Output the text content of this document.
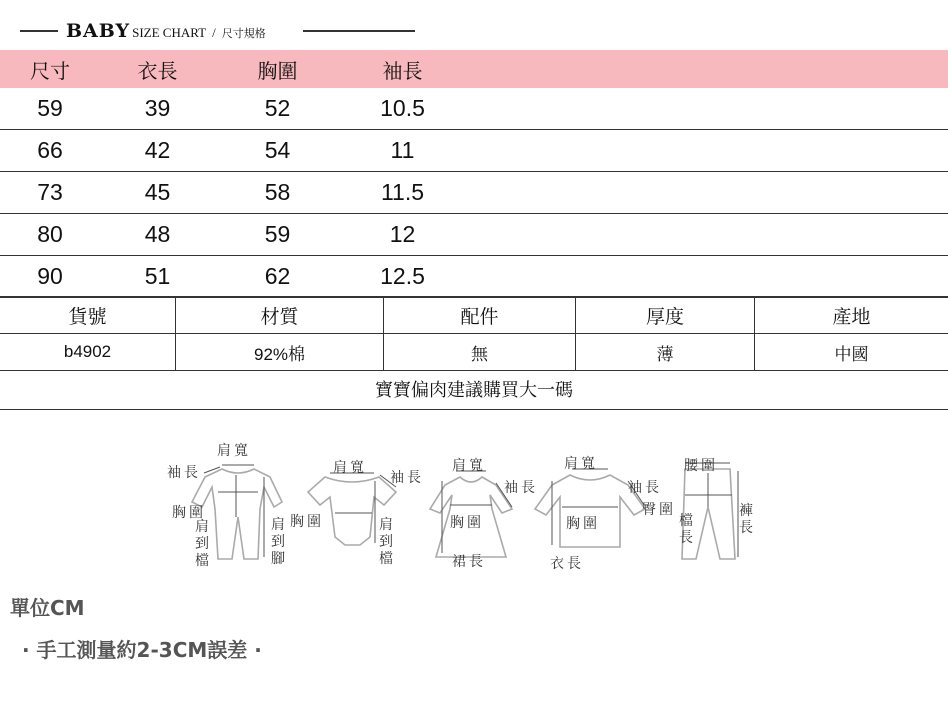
BABY SIZE CHART / 尺寸規格
尺寸	衣長	胸圍	袖長	
59	39	52	10.5	
66	42	54	11	
73	45	58	11.5	
80	48	59	12	
90	51	62	12.5	
貨號	材質	配件	厚度	產地
b4902	92%棉	無	薄	中國
寶寶偏肉建議購買大一碼
肩寬
袖長
胸圍
肩到檔
肩到腳
肩寬
袖長
胸圍	肩到檔
肩寬
袖長
胸圍
裙長
肩寬
袖長
胸圍
衣長
腰圍
臀圍
檔長
褲長
單位CM
· 手工測量約2-3CM誤差 ·
